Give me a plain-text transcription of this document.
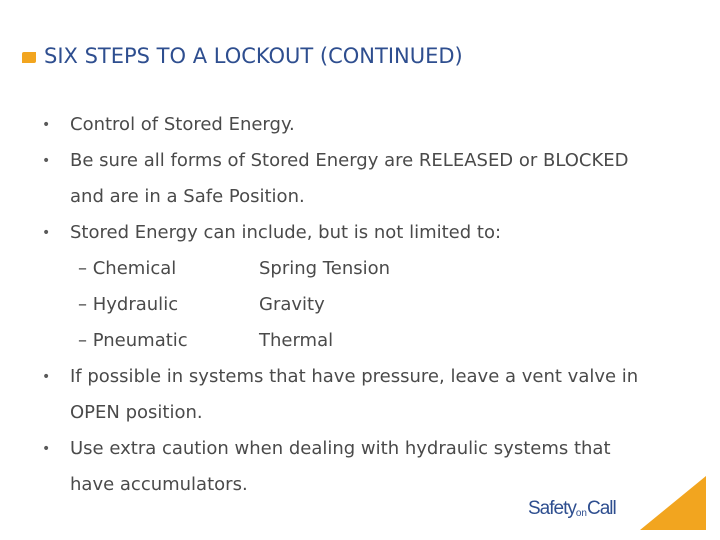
SIX STEPS TO A LOCKOUT (CONTINUED)
• Control of Stored Energy.
• Be sure all forms of Stored Energy are RELEASED or BLOCKED
and are in a Safe Position.
• Stored Energy can include, but is not limited to:
– Chemical	Spring Tension
– Hydraulic	Gravity
– Pneumatic	Thermal
• If possible in systems that have pressure, leave a vent valve in
OPEN position.
• Use extra caution when dealing with hydraulic systems that
have accumulators.
SafetyonCall
